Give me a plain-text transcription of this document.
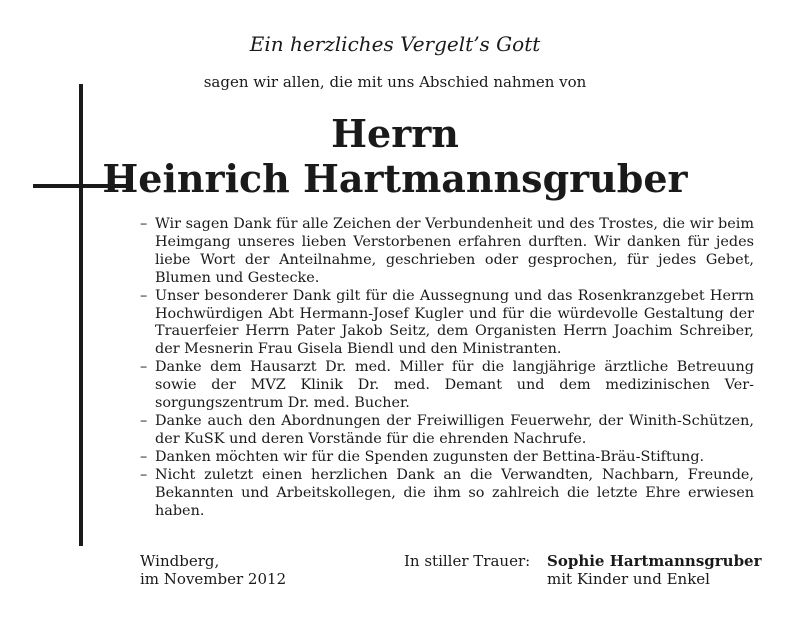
Ein herzliches Vergelt’s Gott
sagen wir allen, die mit uns Abschied nahmen von
Herrn
Heinrich Hartmannsgruber
– Wir sagen Dank für alle Zeichen der Verbundenheit und des Trostes, die wir beim Heimgang unseres lieben Verstorbenen erfahren durften. Wir danken für jedes liebe Wort der Anteilnahme, geschrieben oder gesprochen, für jedes Gebet, Blumen und Gestecke.
– Unser besonderer Dank gilt für die Aussegnung und das Rosenkranzgebet Herrn Hochwürdigen Abt Hermann-Josef Kugler und für die würdevolle Gestaltung der Trauerfeier Herrn Pater Jakob Seitz, dem Organisten Herrn Joachim Schreiber, der Mesnerin Frau Gisela Biendl und den Ministranten.
– Danke dem Hausarzt Dr. med. Miller für die langjährige ärztliche Betreuung sowie der MVZ Klinik Dr. med. Demant und dem medizinischen Versorgungszentrum Dr. med. Bucher.
– Danke auch den Abordnungen der Freiwilligen Feuerwehr, der Winith-Schützen, der KuSK und deren Vorstände für die ehrenden Nachrufe.
– Danken möchten wir für die Spenden zugunsten der Bettina-Bräu-Stiftung.
– Nicht zuletzt einen herzlichen Dank an die Verwandten, Nachbarn, Freunde, Bekannten und Arbeitskollegen, die ihm so zahlreich die letzte Ehre erwiesen haben.
Windberg,
im November 2012
In stiller Trauer: Sophie Hartmannsgruber
mit Kinder und Enkel
